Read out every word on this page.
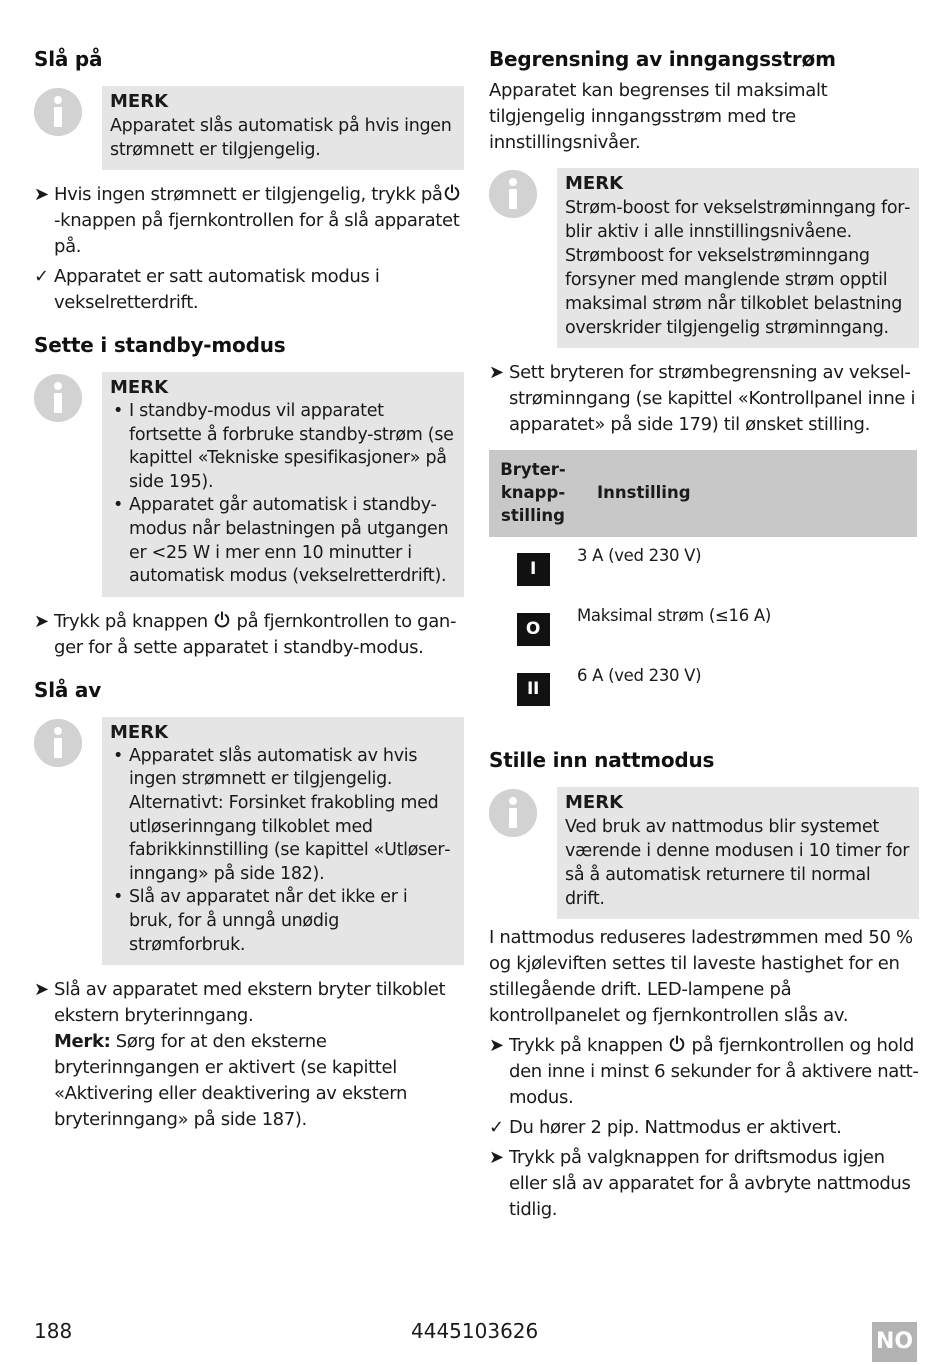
Slå på
MERK
Apparatet slås automatisk på hvis ingen strømnett er tilgjengelig.
➤ Hvis ingen strømnett er tilgjengelig, trykk på-knappen på fjernkontrollen for å slå apparatet på.
✓ Apparatet er satt automatisk modus i vekselretterdrift.
Sette i standby-modus
MERK
• I standby-modus vil apparatet fortsette å forbruke standby-strøm (se kapittel «Tekniske spesifikasjoner» på side 195).
• Apparatet går automatisk i standby-modus når belastningen på utgangen er <25 W i mer enn 10 minutter i automatisk modus (vekselretterdrift).
➤ Trykk på knappen på fjernkontrollen to ganger for å sette apparatet i standby-modus.
Slå av
MERK
• Apparatet slås automatisk av hvis ingen strømnett er tilgjengelig. Alternativt: Forsinket frakobling med utløserinngang tilkoblet med fabrikkinnstilling (se kapittel «Utløserinngang» på side 182).
• Slå av apparatet når det ikke er i bruk, for å unngå unødig strømforbruk.
➤ Slå av apparatet med ekstern bryter tilkoblet ekstern bryterinngang.
Merk: Sørg for at den eksterne bryterinngangen er aktivert (se kapittel «Aktivering eller deaktivering av ekstern bryterinngang» på side 187).
Begrensning av inngangsstrøm

Apparatet kan begrenses til maksimalt tilgjengelig inngangsstrøm med tre innstillingsnivåer.

MERK
Strøm-boost for vekselstrøminngang forblir aktiv i alle innstillingsnivåene. Strømboost for vekselstrøminngang forsyner med manglende strøm opptil maksimal strøm når tilkoblet belastning overskrider tilgjengelig strøminngang.
➤ Sett bryteren for strømbegrensning av vekselstrøminngang (se kapittel «Kontrollpanel inne i apparatet» på side 179) til ønsket stilling.
Bryterknappstilling	Innstilling
I	3 A (ved 230 V)
O	Maksimal strøm (≤16 A)
II	6 A (ved 230 V)
Stille inn nattmodus
MERK
Ved bruk av nattmodus blir systemet værende i denne modusen i 10 timer for så å automatisk returnere til normal drift.

I nattmodus reduseres ladestrømmen med 50 % og kjøleviften settes til laveste hastighet for en stillegående drift. LED-lampene på kontrollpanelet og fjernkontrollen slås av.

➤ Trykk på knappen på fjernkontrollen og hold den inne i minst 6 sekunder for å aktivere nattmodus.
✓ Du hører 2 pip. Nattmodus er aktivert.
➤ Trykk på valgknappen for driftsmodus igjen eller slå av apparatet for å avbryte nattmodus tidlig.
188	4445103626	NO
